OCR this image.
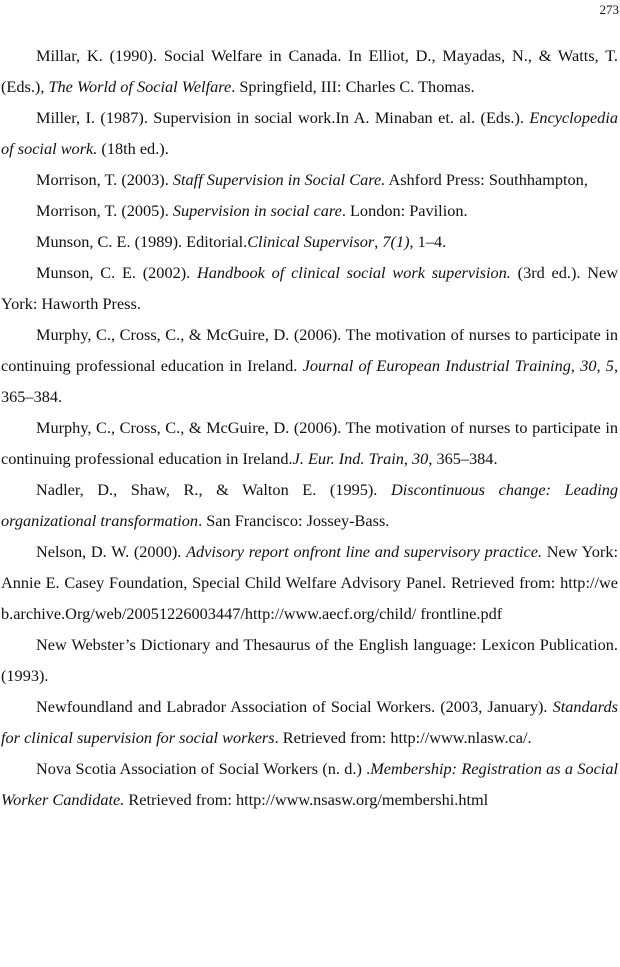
273

Millar, K. (1990). Social Welfare in Canada. In Elliot, D., Mayadas, N., & Watts, T. (Eds.), The World of Social Welfare. Springfield, III: Charles C. Thomas.

Miller, I. (1987). Supervision in social work.In A. Minaban et. al. (Eds.). Encyclopedia of social work. (18th ed.).

Morrison, T. (2003). Staff Supervision in Social Care. Ashford Press: Southhampton,

Morrison, T. (2005). Supervision in social care. London: Pavilion.

Munson, C. E. (1989). Editorial.Clinical Supervisor, 7(1), 1–4.

Munson, C. E. (2002). Handbook of clinical social work supervision. (3rd ed.). New York: Haworth Press.

Murphy, C., Cross, C., & McGuire, D. (2006). The motivation of nurses to participate in continuing professional education in Ireland. Journal of European Industrial Training, 30, 5, 365–384.

Murphy, C., Cross, C., & McGuire, D. (2006). The motivation of nurses to participate in continuing professional education in Ireland.J. Eur. Ind. Train, 30, 365–384.

Nadler, D., Shaw, R., & Walton E. (1995). Discontinuous change: Leading organizational transformation. San Francisco: Jossey-Bass.

Nelson, D. W. (2000). Advisory report onfront line and supervisory practice. New York: Annie E. Casey Foundation, Special Child Welfare Advisory Panel. Retrieved from: http://web.archive.Org/web/20051226003447/http://www.aecf.org/child/ frontline.pdf

New Webster’s Dictionary and Thesaurus of the English language: Lexicon Publication. (1993).

Newfoundland and Labrador Association of Social Workers. (2003, January). Standards for clinical supervision for social workers. Retrieved from: http://www.nlasw.ca/.

Nova Scotia Association of Social Workers (n. d.) .Membership: Registration as a Social Worker Candidate. Retrieved from: http://www.nsasw.org/membershi.html
